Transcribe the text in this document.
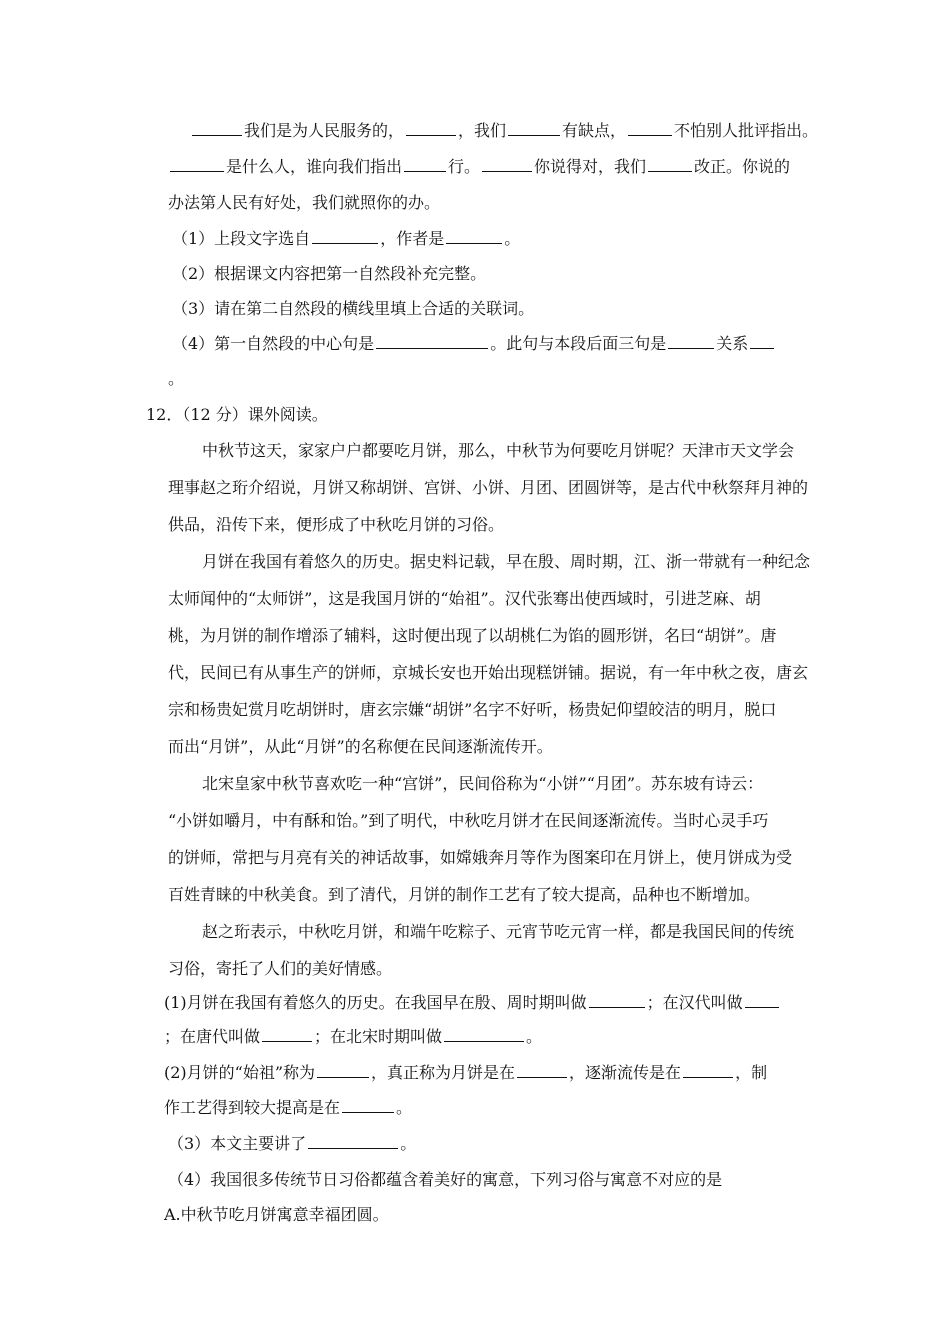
我们是为人民服务的，	，我们	有缺点，	不怕别人批评指出。
是什么人，谁向我们指出	行。	你说得对，我们	改正。你说的
办法第人民有好处，我们就照你的办。
（1）上段文字选自	，作者是	。
（2）根据课文内容把第一自然段补充完整。
（3）请在第二自然段的横线里填上合适的关联词。
（4）第一自然段的中心句是	。此句与本段后面三句是	关系
。
12．（12 分）课外阅读。
中秋节这天，家家户户都要吃月饼，那么，中秋节为何要吃月饼呢？天津市天文学会
理事赵之珩介绍说，月饼又称胡饼、宫饼、小饼、月团、团圆饼等，是古代中秋祭拜月神的
供品，沿传下来，便形成了中秋吃月饼的习俗。
月饼在我国有着悠久的历史。据史料记载，早在殷、周时期，江、浙一带就有一种纪念
太师闻仲的“太师饼”，这是我国月饼的“始祖”。汉代张骞出使西域时，引进芝麻、胡
桃，为月饼的制作增添了辅料，这时便出现了以胡桃仁为馅的圆形饼，名曰“胡饼”。唐
代，民间已有从事生产的饼师，京城长安也开始出现糕饼铺。据说，有一年中秋之夜，唐玄
宗和杨贵妃赏月吃胡饼时，唐玄宗嫌“胡饼”名字不好听，杨贵妃仰望皎洁的明月，脱口
而出“月饼”，从此“月饼”的名称便在民间逐渐流传开。
北宋皇家中秋节喜欢吃一种“宫饼”，民间俗称为“小饼”“月团”。苏东坡有诗云：
“小饼如嚼月，中有酥和饴。”到了明代，中秋吃月饼才在民间逐渐流传。当时心灵手巧
的饼师，常把与月亮有关的神话故事，如嫦娥奔月等作为图案印在月饼上，使月饼成为受
百姓青睐的中秋美食。到了清代，月饼的制作工艺有了较大提高，品种也不断增加。
赵之珩表示，中秋吃月饼，和端午吃粽子、元宵节吃元宵一样，都是我国民间的传统
习俗，寄托了人们的美好情感。
(1)月饼在我国有着悠久的历史。在我国早在殷、周时期叫做	；在汉代叫做
；在唐代叫做	；在北宋时期叫做	。
(2)月饼的“始祖”称为	，真正称为月饼是在	，逐渐流传是在	，制
作工艺得到较大提高是在	。
（3）本文主要讲了	。
（4）我国很多传统节日习俗都蕴含着美好的寓意，下列习俗与寓意不对应的是
A.中秋节吃月饼寓意幸福团圆。
